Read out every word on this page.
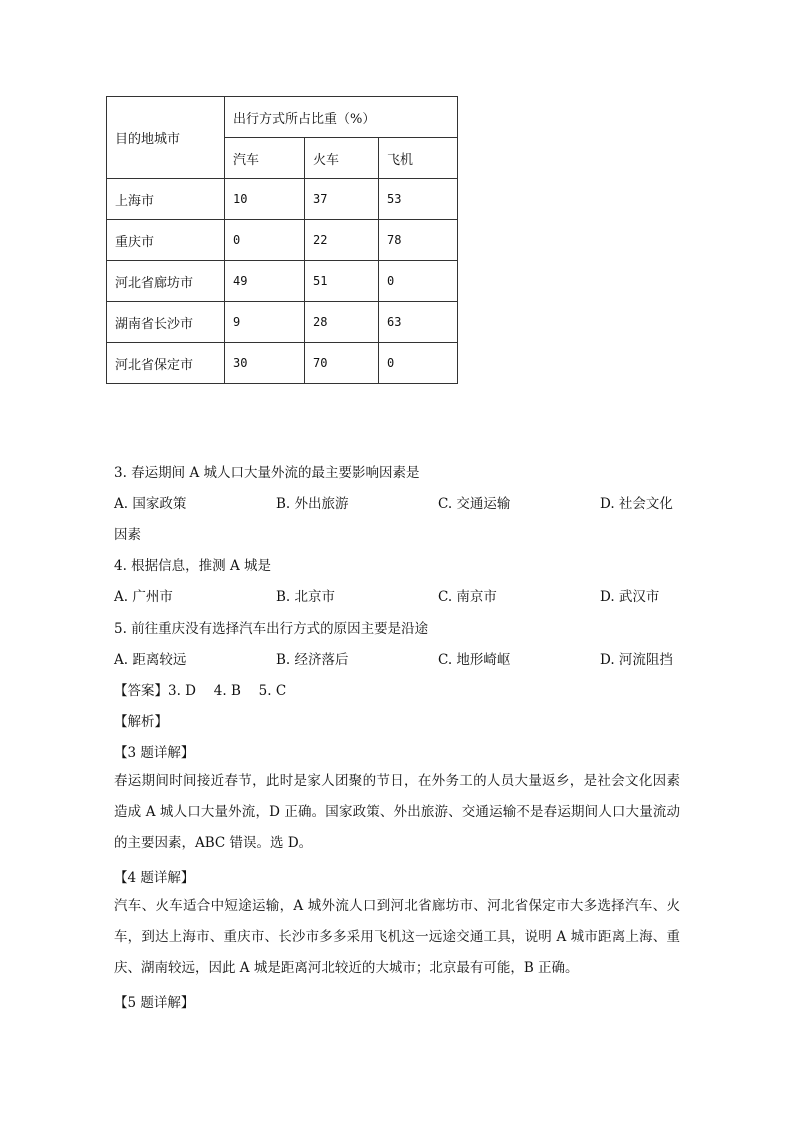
目的地城市	出行方式所占比重（%）		
	汽车	火车	飞机
上海市	10	37	53
重庆市	0	22	78
河北省廊坊市	49	51	0
湖南省长沙市	9	28	63
河北省保定市	30	70	0
3. 春运期间 A 城人口大量外流的最主要影响因素是
A. 国家政策	B. 外出旅游	C. 交通运输	D. 社会文化
因素
4. 根据信息，推测 A 城是
A. 广州市	B. 北京市	C. 南京市	D. 武汉市
5. 前往重庆没有选择汽车出行方式的原因主要是沿途
A. 距离较远	B. 经济落后	C. 地形崎岖	D. 河流阻挡
【答案】3. D　 4. B　 5. C
【解析】
【3 题详解】
春运期间时间接近春节，此时是家人团聚的节日，在外务工的人员大量返乡，是社会文化因素造成 A 城人口大量外流，D 正确。国家政策、外出旅游、交通运输不是春运期间人口大量流动的主要因素，ABC 错误。选 D。
【4 题详解】
汽车、火车适合中短途运输，A 城外流人口到河北省廊坊市、河北省保定市大多选择汽车、火车，到达上海市、重庆市、长沙市多多采用飞机这一远途交通工具，说明 A 城市距离上海、重庆、湖南较远，因此 A 城是距离河北较近的大城市；北京最有可能，B 正确。
【5 题详解】
